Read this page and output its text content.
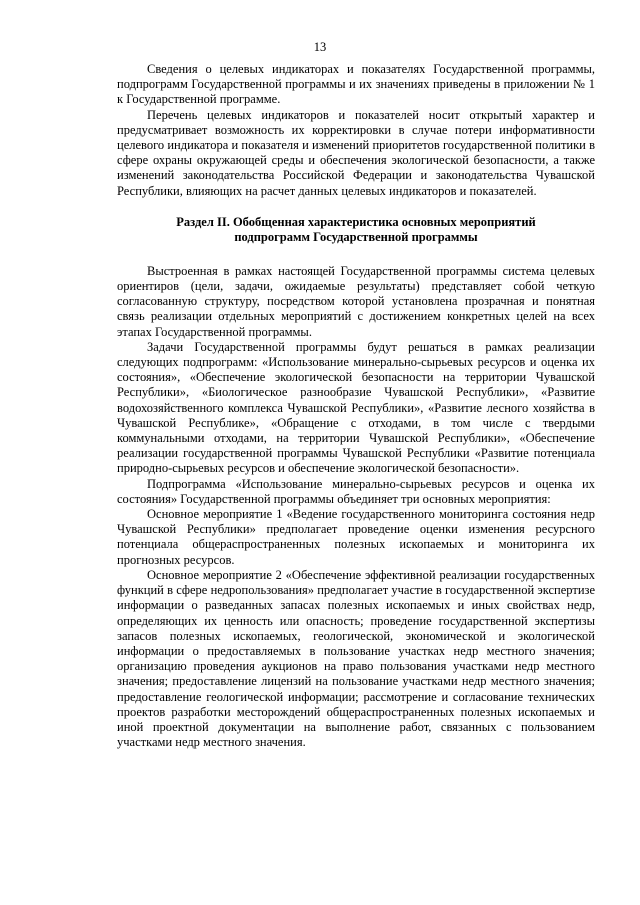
13

Сведения о целевых индикаторах и показателях Государственной программы, подпрограмм Государственной программы и их значениях приведены в приложении № 1 к Государственной программе.

Перечень целевых индикаторов и показателей носит открытый характер и предусматривает возможность их корректировки в случае потери информативности целевого индикатора и показателя и изменений приоритетов государственной политики в сфере охраны окружающей среды и обеспечения экологической безопасности, а также изменений законодательства Российской Федерации и законодательства Чувашской Республики, влияющих на расчет данных целевых индикаторов и показателей.

Раздел II. Обобщенная характеристика основных мероприятий
подпрограмм Государственной программы

Выстроенная в рамках настоящей Государственной программы система целевых ориентиров (цели, задачи, ожидаемые результаты) представляет собой четкую согласованную структуру, посредством которой установлена прозрачная и понятная связь реализации отдельных мероприятий с достижением конкретных целей на всех этапах Государственной программы.

Задачи Государственной программы будут решаться в рамках реализации следующих подпрограмм: «Использование минерально-сырьевых ресурсов и оценка их состояния», «Обеспечение экологической безопасности на территории Чувашской Республики», «Биологическое разнообразие Чувашской Республики», «Развитие водохозяйственного комплекса Чувашской Республики», «Развитие лесного хозяйства в Чувашской Республике», «Обращение с отходами, в том числе с твердыми коммунальными отходами, на территории Чувашской Республики», «Обеспечение реализации государственной программы Чувашской Республики «Развитие потенциала природно-сырьевых ресурсов и обеспечение экологической безопасности».

Подпрограмма «Использование минерально-сырьевых ресурсов и оценка их состояния» Государственной программы объединяет три основных мероприятия:

Основное мероприятие 1 «Ведение государственного мониторинга состояния недр Чувашской Республики» предполагает проведение оценки изменения ресурсного потенциала общераспространенных полезных ископаемых и мониторинга их прогнозных ресурсов.

Основное мероприятие 2 «Обеспечение эффективной реализации государственных функций в сфере недропользования» предполагает участие в государственной экспертизе информации о разведанных запасах полезных ископаемых и иных свойствах недр, определяющих их ценность или опасность; проведение государственной экспертизы запасов полезных ископаемых, геологической, экономической и экологической информации о предоставляемых в пользование участках недр местного значения; организацию проведения аукционов на право пользования участками недр местного значения; предоставление лицензий на пользование участками недр местного значения; предоставление геологической информации; рассмотрение и согласование технических проектов разработки месторождений общераспространенных полезных ископаемых и иной проектной документации на выполнение работ, связанных с пользованием участками недр местного значения.
